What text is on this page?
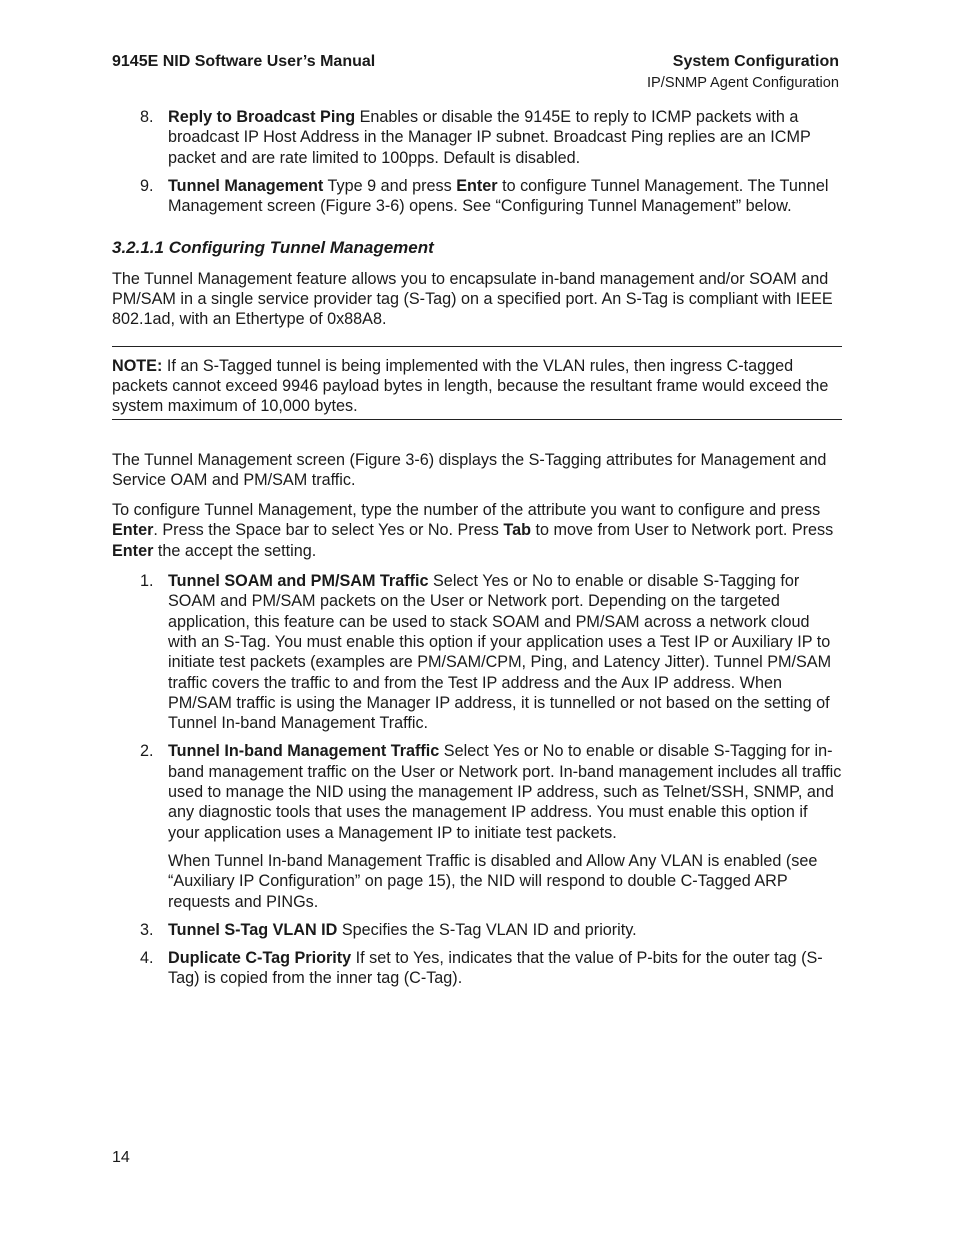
9145E NID Software User’s Manual	System Configuration
IP/SNMP Agent Configuration
8. Reply to Broadcast Ping Enables or disable the 9145E to reply to ICMP packets with a broadcast IP Host Address in the Manager IP subnet. Broadcast Ping replies are an ICMP packet and are rate limited to 100pps. Default is disabled.

9. Tunnel Management Type 9 and press Enter to configure Tunnel Management. The Tunnel Management screen (Figure 3-6) opens. See “Configuring Tunnel Management” below.

3.2.1.1 Configuring Tunnel Management

The Tunnel Management feature allows you to encapsulate in-band management and/or SOAM and PM/SAM in a single service provider tag (S-Tag) on a specified port. An S-Tag is compliant with IEEE 802.1ad, with an Ethertype of 0x88A8.

NOTE: If an S-Tagged tunnel is being implemented with the VLAN rules, then ingress C-tagged packets cannot exceed 9946 payload bytes in length, because the resultant frame would exceed the system maximum of 10,000 bytes.

The Tunnel Management screen (Figure 3-6) displays the S-Tagging attributes for Management and Service OAM and PM/SAM traffic.

To configure Tunnel Management, type the number of the attribute you want to configure and press Enter. Press the Space bar to select Yes or No. Press Tab to move from User to Network port. Press Enter the accept the setting.

1. Tunnel SOAM and PM/SAM Traffic Select Yes or No to enable or disable S-Tagging for SOAM and PM/SAM packets on the User or Network port. Depending on the targeted application, this feature can be used to stack SOAM and PM/SAM across a network cloud with an S-Tag. You must enable this option if your application uses a Test IP or Auxiliary IP to initiate test packets (examples are PM/SAM/CPM, Ping, and Latency Jitter). Tunnel PM/SAM traffic covers the traffic to and from the Test IP address and the Aux IP address. When PM/SAM traffic is using the Manager IP address, it is tunnelled or not based on the setting of Tunnel In-band Management Traffic.

2. Tunnel In-band Management Traffic Select Yes or No to enable or disable S-Tagging for in-band management traffic on the User or Network port. In-band management includes all traffic used to manage the NID using the management IP address, such as Telnet/SSH, SNMP, and any diagnostic tools that uses the management IP address. You must enable this option if your application uses a Management IP to initiate test packets.

When Tunnel In-band Management Traffic is disabled and Allow Any VLAN is enabled (see “Auxiliary IP Configuration” on page 15), the NID will respond to double C-Tagged ARP requests and PINGs.

3. Tunnel S-Tag VLAN ID Specifies the S-Tag VLAN ID and priority.

4. Duplicate C-Tag Priority If set to Yes, indicates that the value of P-bits for the outer tag (S-Tag) is copied from the inner tag (C-Tag).

14
